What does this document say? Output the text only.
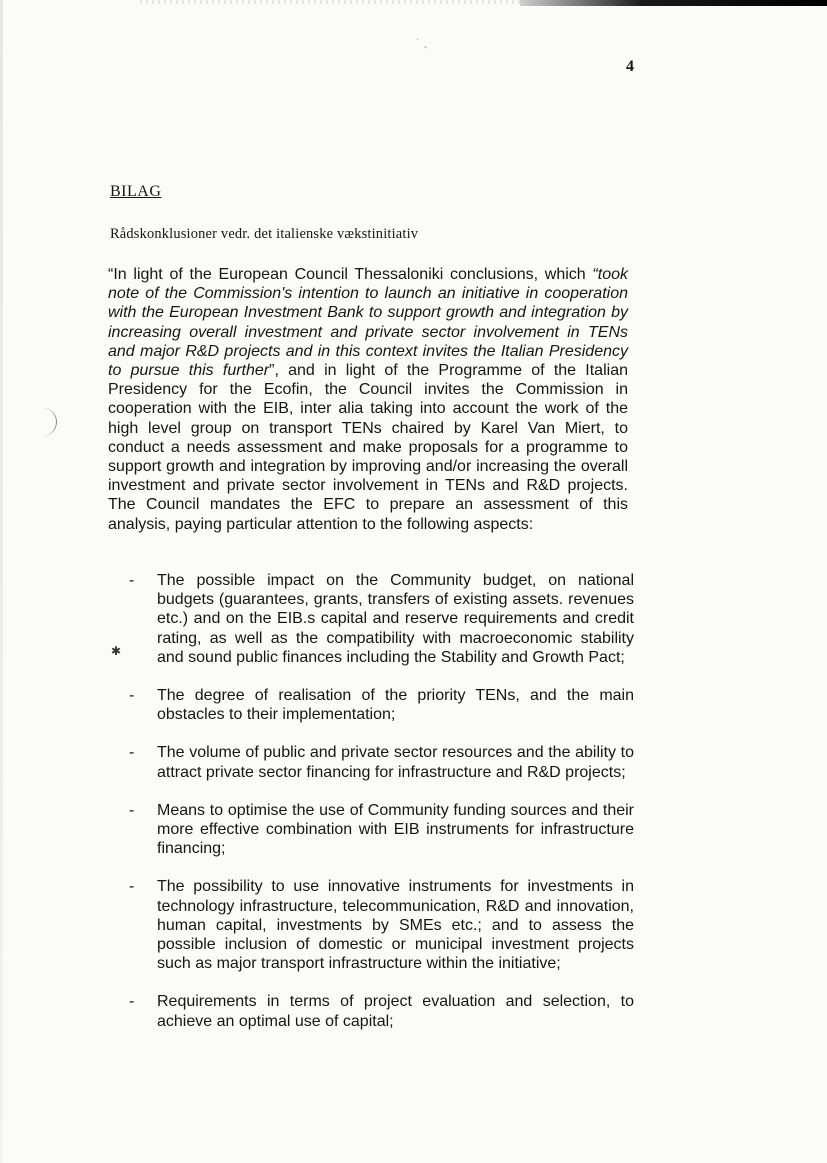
˙ ˛
✱
4
BILAG
Rådskonklusioner vedr. det italienske vækstinitiativ

“In light of the European Council Thessaloniki conclusions, which “took note of the Commission's intention to launch an initiative in cooperation with the European Investment Bank to support growth and integration by increasing overall investment and private sector involvement in TENs and major R&D projects and in this context invites the Italian Presidency to pursue this further”, and in light of the Programme of the Italian Presidency for the Ecofin, the Council invites the Commission in cooperation with the EIB, inter alia taking into account the work of the high level group on transport TENs chaired by Karel Van Miert, to conduct a needs assessment and make proposals for a programme to support growth and integration by improving and/or increasing the overall investment and private sector involvement in TENs and R&D projects. The Council mandates the EFC to prepare an assessment of this analysis, paying particular attention to the following aspects:

- The possible impact on the Community budget, on national budgets (guarantees, grants, transfers of existing assets. revenues etc.) and on the EIB.s capital and reserve requirements and credit rating, as well as the compatibility with macroeconomic stability and sound public finances including the Stability and Growth Pact;
- The degree of realisation of the priority TENs, and the main obstacles to their implementation;
- The volume of public and private sector resources and the ability to attract private sector financing for infrastructure and R&D projects;
- Means to optimise the use of Community funding sources and their more effective combination with EIB instruments for infrastructure financing;
- The possibility to use innovative instruments for investments in technology infrastructure, telecommunication, R&D and innovation, human capital, investments by SMEs etc.; and to assess the possible inclusion of domestic or municipal investment projects such as major transport infrastructure within the initiative;
- Requirements in terms of project evaluation and selection, to achieve an optimal use of capital;
